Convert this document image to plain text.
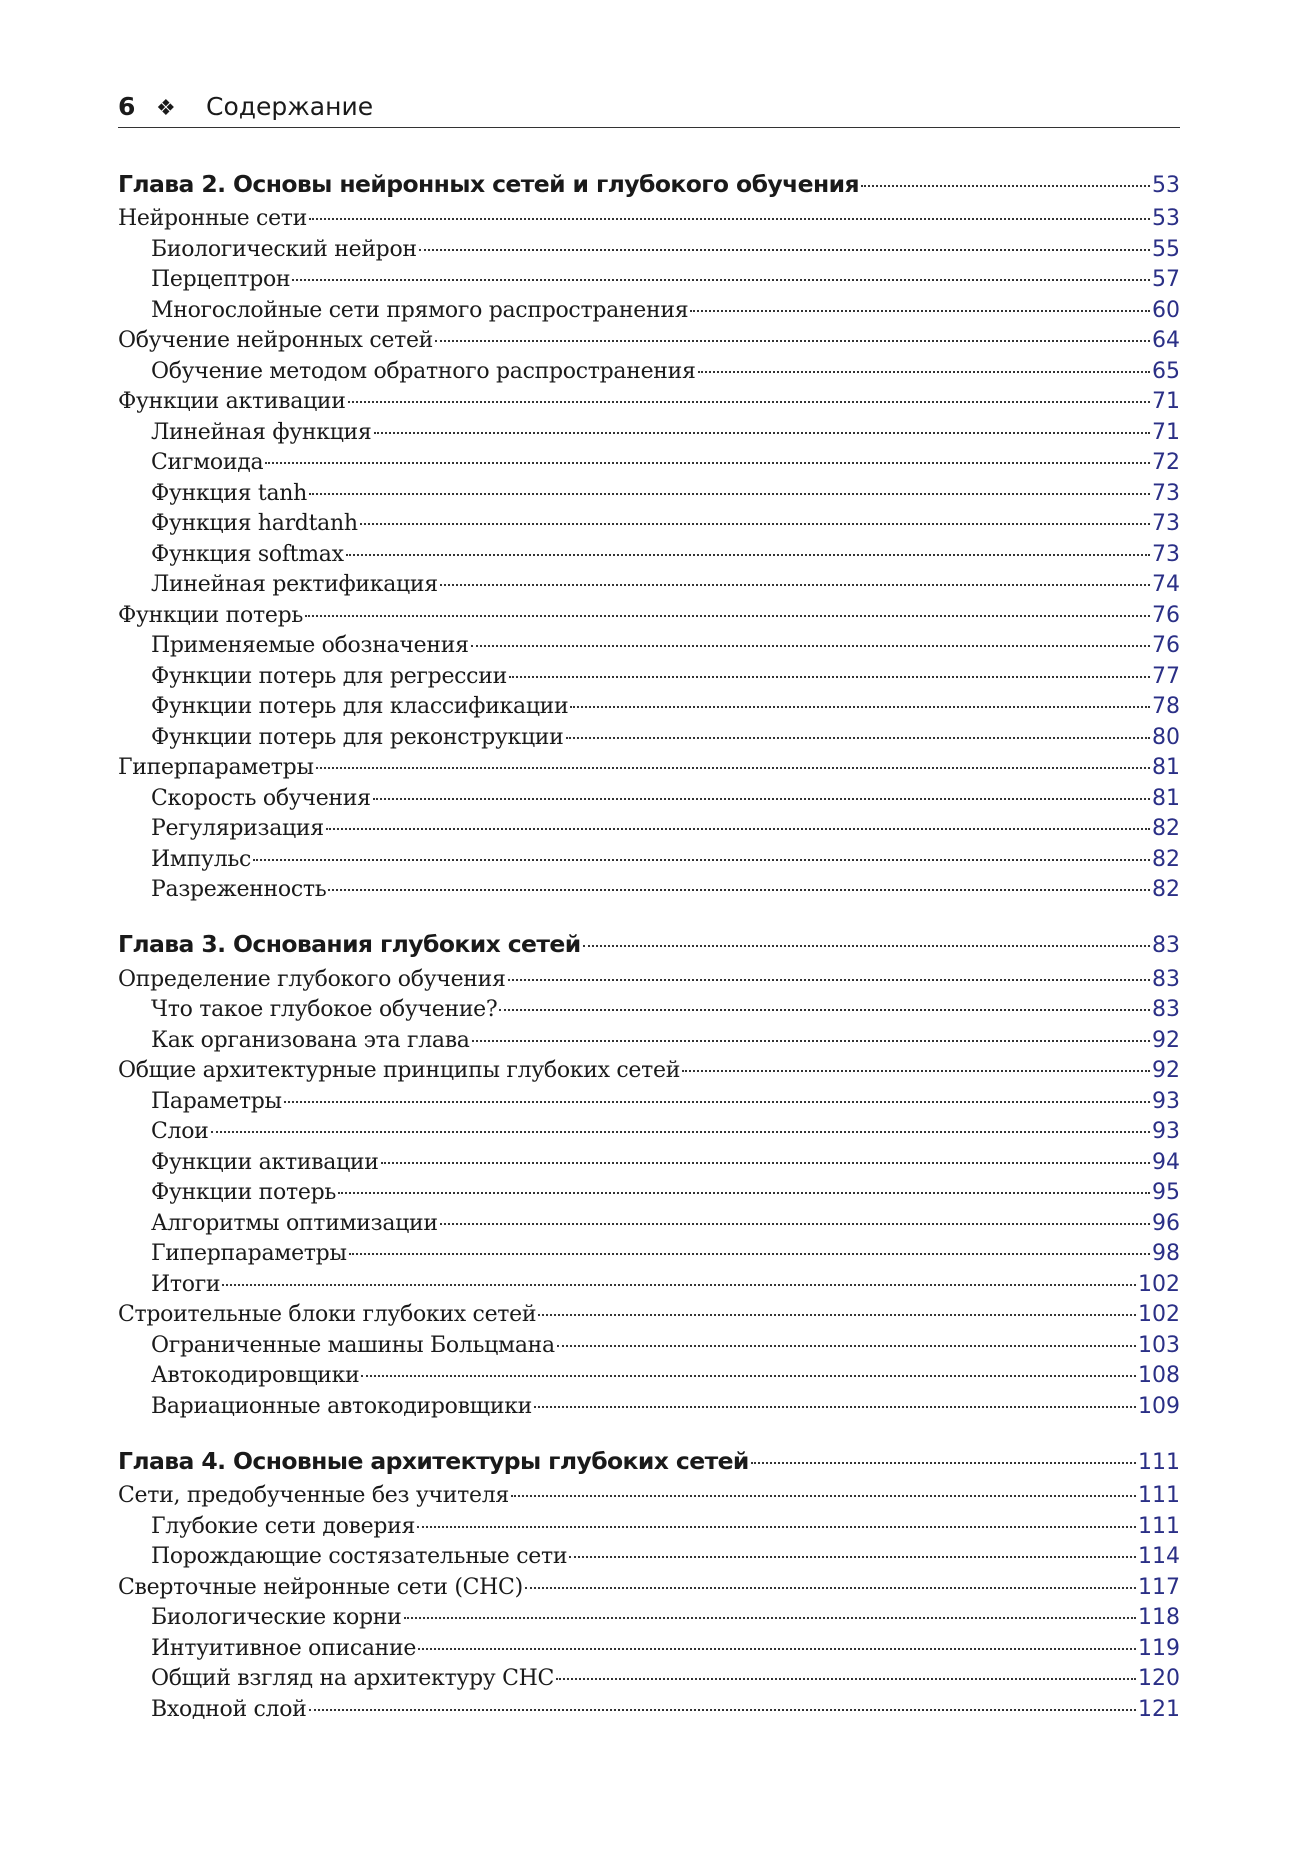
6 ❖	Содержание
Глава 2. Основы нейронных сетей и глубокого обучения	53
Нейронные сети	53
Биологический нейрон	55
Перцептрон	57
Многослойные сети прямого распространения	60
Обучение нейронных сетей	64
Обучение методом обратного распространения	65
Функции активации	71
Линейная функция	71
Сигмоида	72
Функция tanh	73
Функция hardtanh	73
Функция softmax	73
Линейная ректификация	74
Функции потерь	76
Применяемые обозначения	76
Функции потерь для регрессии	77
Функции потерь для классификации	78
Функции потерь для реконструкции	80
Гиперпараметры	81
Скорость обучения	81
Регуляризация	82
Импульс	82
Разреженность	82
Глава 3. Основания глубоких сетей	83
Определение глубокого обучения	83
Что такое глубокое обучение?	83
Как организована эта глава	92
Общие архитектурные принципы глубоких сетей	92
Параметры	93
Слои	93
Функции активации	94
Функции потерь	95
Алгоритмы оптимизации	96
Гиперпараметры	98
Итоги	102
Строительные блоки глубоких сетей	102
Ограниченные машины Больцмана	103
Автокодировщики	108
Вариационные автокодировщики	109
Глава 4. Основные архитектуры глубоких сетей	111
Сети, предобученные без учителя	111
Глубокие сети доверия	111
Порождающие состязательные сети	114
Сверточные нейронные сети (СНС)	117
Биологические корни	118
Интуитивное описание	119
Общий взгляд на архитектуру СНС	120
Входной слой	121
